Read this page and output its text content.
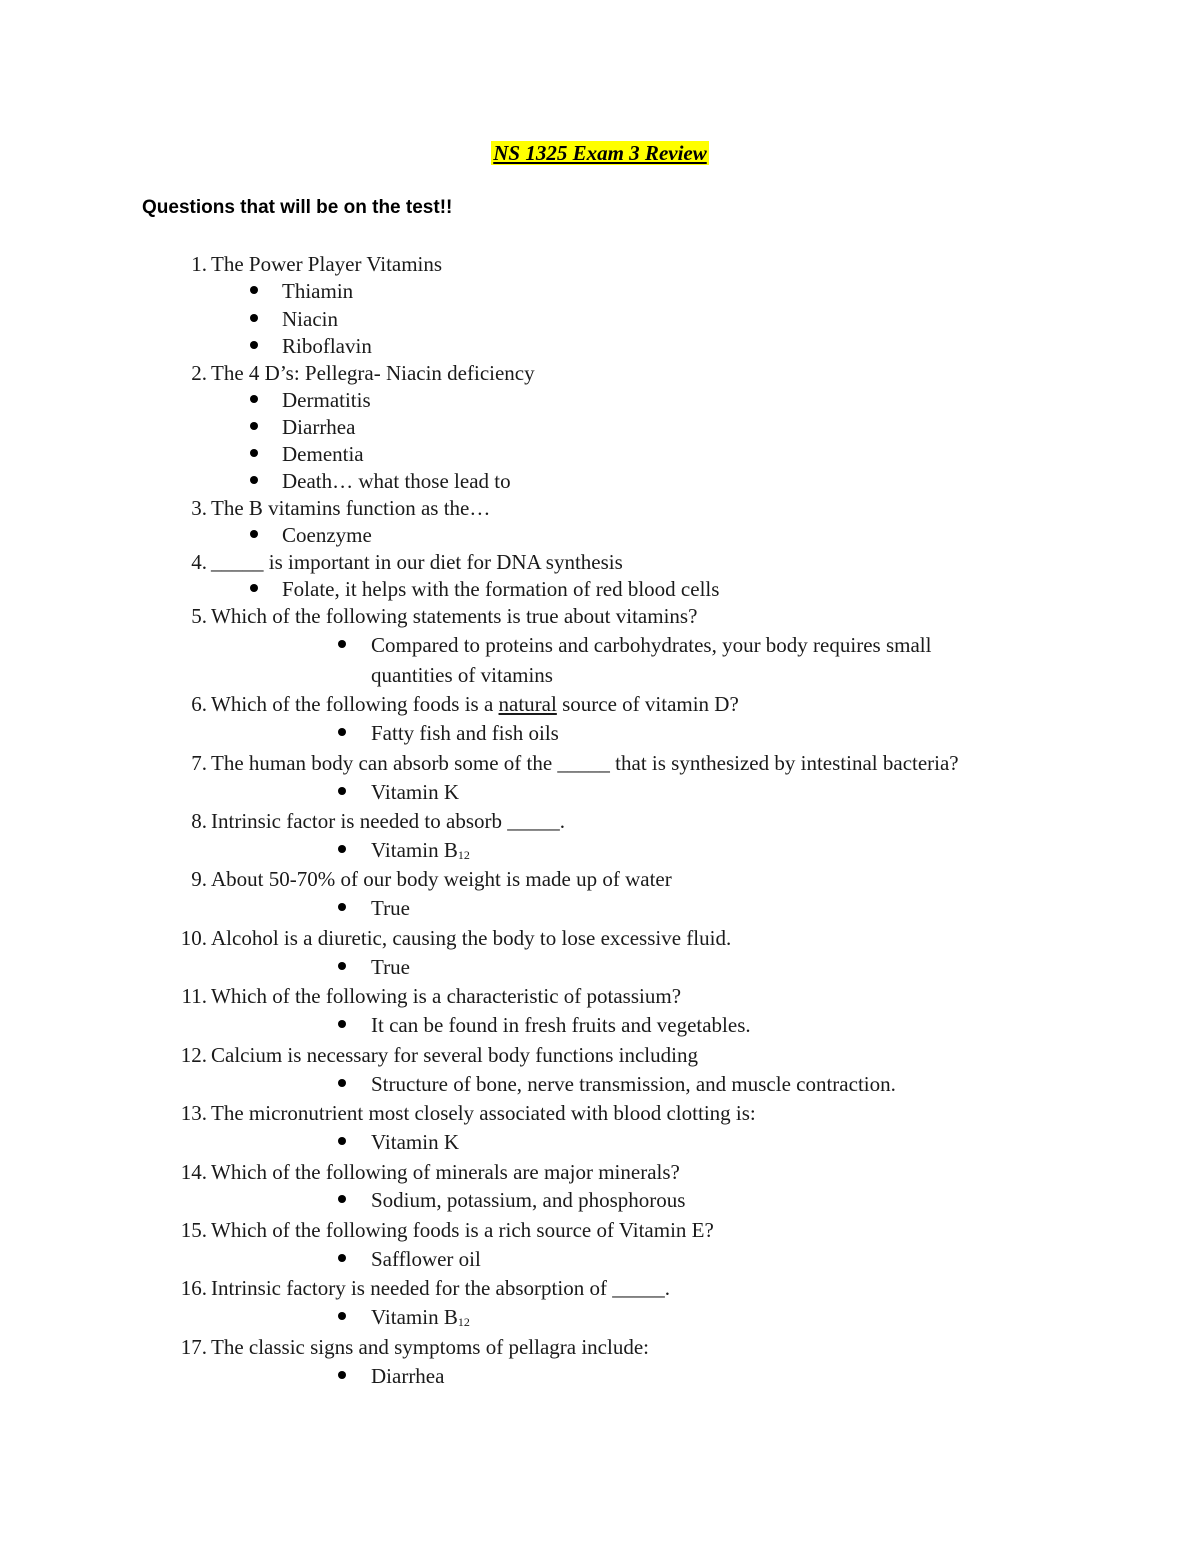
NS 1325 Exam 3 Review
Questions that will be on the test!!
1. The Power Player Vitamins
Thiamin
Niacin
Riboflavin
2. The 4 D’s: Pellegra- Niacin deficiency
Dermatitis
Diarrhea
Dementia
Death… what those lead to
3. The B vitamins function as the…
Coenzyme
4. _____ is important in our diet for DNA synthesis
Folate, it helps with the formation of red blood cells
5. Which of the following statements is true about vitamins?
Compared to proteins and carbohydrates, your body requires small
quantities of vitamins
6. Which of the following foods is a natural source of vitamin D?
Fatty fish and fish oils
7. The human body can absorb some of the _____ that is synthesized by intestinal bacteria?
Vitamin K
8. Intrinsic factor is needed to absorb _____.
Vitamin $B_{12}$
9. About 50-70% of our body weight is made up of water
True
10. Alcohol is a diuretic, causing the body to lose excessive fluid.
True
11. Which of the following is a characteristic of potassium?
It can be found in fresh fruits and vegetables.
12. Calcium is necessary for several body functions including
Structure of bone, nerve transmission, and muscle contraction.
13. The micronutrient most closely associated with blood clotting is:
Vitamin K
14. Which of the following of minerals are major minerals?
Sodium, potassium, and phosphorous
15. Which of the following foods is a rich source of Vitamin E?
Safflower oil
16. Intrinsic factory is needed for the absorption of _____.
Vitamin $B_{12}$
17. The classic signs and symptoms of pellagra include:
Diarrhea
